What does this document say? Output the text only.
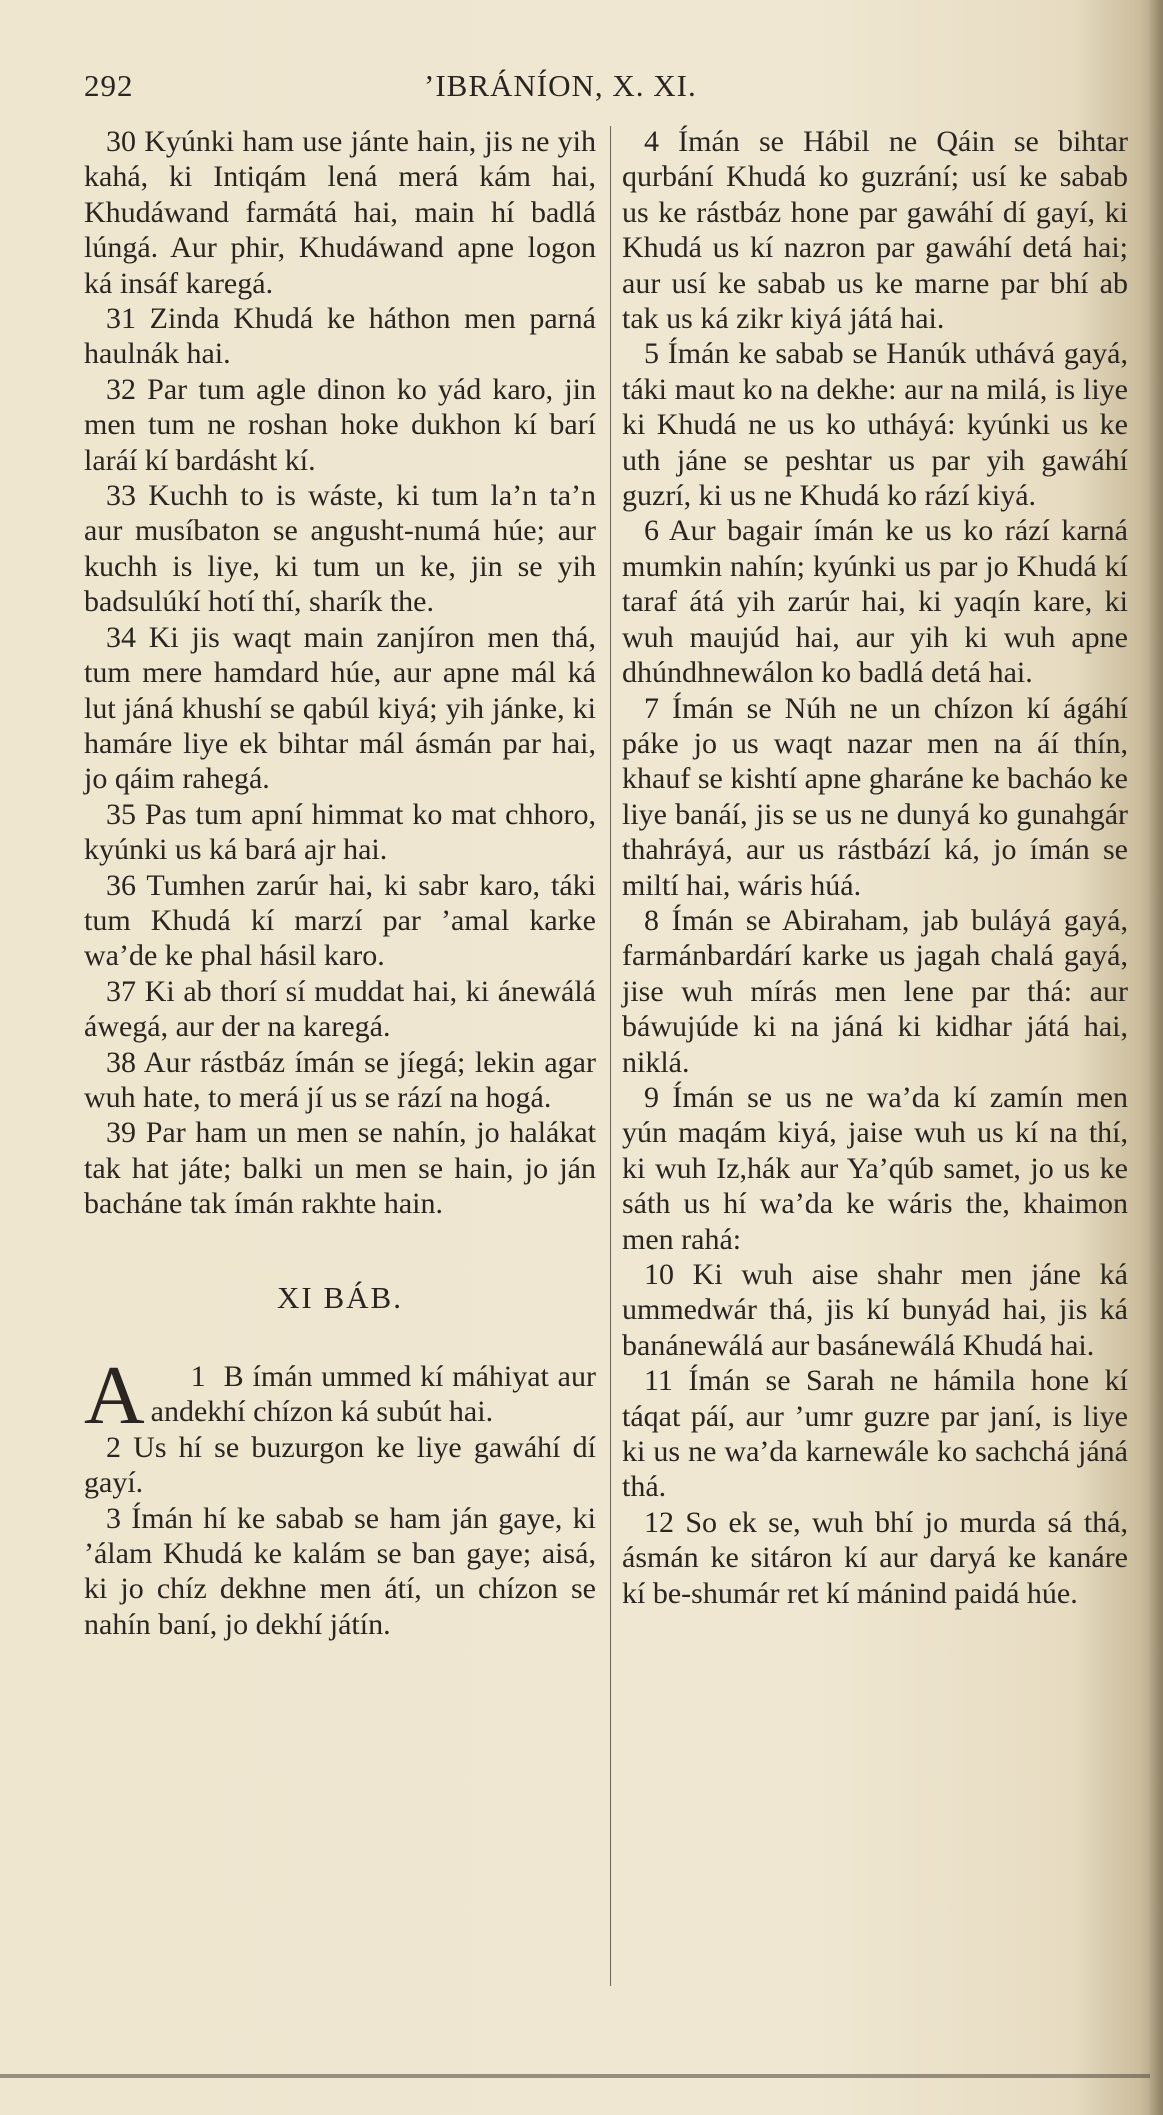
292	’IBRÁNÍON, X. XI.

30 Kyúnki ham use jánte hain, jis ne yih kahá, ki Intiqám lená merá kám hai, Khudáwand farmátá hai, main hí badlá lúngá. Aur phir, Khudáwand apne logon ká insáf karegá.

31 Zinda Khudá ke háthon men parná haulnák hai.

32 Par tum agle dinon ko yád karo, jin men tum ne roshan hoke dukhon kí barí laráí kí bardásht kí.

33 Kuchh to is wáste, ki tum la’n ta’n aur musíbaton se angusht-numá húe; aur kuchh is liye, ki tum un ke, jin se yih badsulúkí hotí thí, sharík the.

34 Ki jis waqt main zanjíron men thá, tum mere hamdard húe, aur apne mál ká lut jáná khushí se qabúl kiyá; yih jánke, ki hamáre liye ek bihtar mál ásmán par hai, jo qáim rahegá.

35 Pas tum apní himmat ko mat chhoro, kyúnki us ká bará ajr hai.

36 Tumhen zarúr hai, ki sabr karo, táki tum Khudá kí marzí par ’amal karke wa’de ke phal hásil karo.

37 Ki ab thorí sí muddat hai, ki ánewálá áwegá, aur der na karegá.

38 Aur rástbáz ímán se jíegá; lekin agar wuh hate, to merá jí us se rází na hogá.

39 Par ham un men se nahín, jo halákat tak hat játe; balki un men se hain, jo ján bacháne tak ímán rakhte hain.

XI BÁB.

1
A	B ímán ummed kí máhiyat aur andekhí chízon ká subút hai.

2 Us hí se buzurgon ke liye gawáhí dí gayí.

3 Ímán hí ke sabab se ham ján gaye, ki ’álam Khudá ke kalám se ban gaye; aisá, ki jo chíz dekhne men átí, un chízon se nahín baní, jo dekhí játín.

4 Ímán se Hábil ne Qáin se bihtar qurbání Khudá ko guzrání; usí ke sabab us ke rástbáz hone par gawáhí dí gayí, ki Khudá us kí nazron par gawáhí detá hai; aur usí ke sabab us ke marne par bhí ab tak us ká zikr kiyá játá hai.

5 Ímán ke sabab se Hanúk uthává gayá, táki maut ko na dekhe: aur na milá, is liye ki Khudá ne us ko utháyá: kyúnki us ke uth jáne se peshtar us par yih gawáhí guzrí, ki us ne Khudá ko rází kiyá.

6 Aur bagair ímán ke us ko rází karná mumkin nahín; kyúnki us par jo Khudá kí taraf átá yih zarúr hai, ki yaqín kare, ki wuh maujúd hai, aur yih ki wuh apne dhúndhnewálon ko badlá detá hai.

7 Ímán se Núh ne un chízon kí ágáhí páke jo us waqt nazar men na áí thín, khauf se kishtí apne gharáne ke bacháo ke liye banáí, jis se us ne dunyá ko gunahgár thahráyá, aur us rástbází ká, jo ímán se miltí hai, wáris húá.

8 Ímán se Abiraham, jab buláyá gayá, farmánbardárí karke us jagah chalá gayá, jise wuh mírás men lene par thá: aur báwujúde ki na jáná ki kidhar játá hai, niklá.

9 Ímán se us ne wa’da kí zamín men yún maqám kiyá, jaise wuh us kí na thí, ki wuh Iz,hák aur Ya’qúb samet, jo us ke sáth us hí wa’da ke wáris the, khaimon men rahá:

10 Ki wuh aise shahr men jáne ká ummedwár thá, jis kí bunyád hai, jis ká banánewálá aur basánewálá Khudá hai.

11 Ímán se Sarah ne hámila hone kí táqat páí, aur ’umr guzre par janí, is liye ki us ne wa’da karnewále ko sachchá jáná thá.

12 So ek se, wuh bhí jo murda sá thá, ásmán ke sitáron kí aur daryá ke kanáre kí be-shumár ret kí mánind paidá húe.
